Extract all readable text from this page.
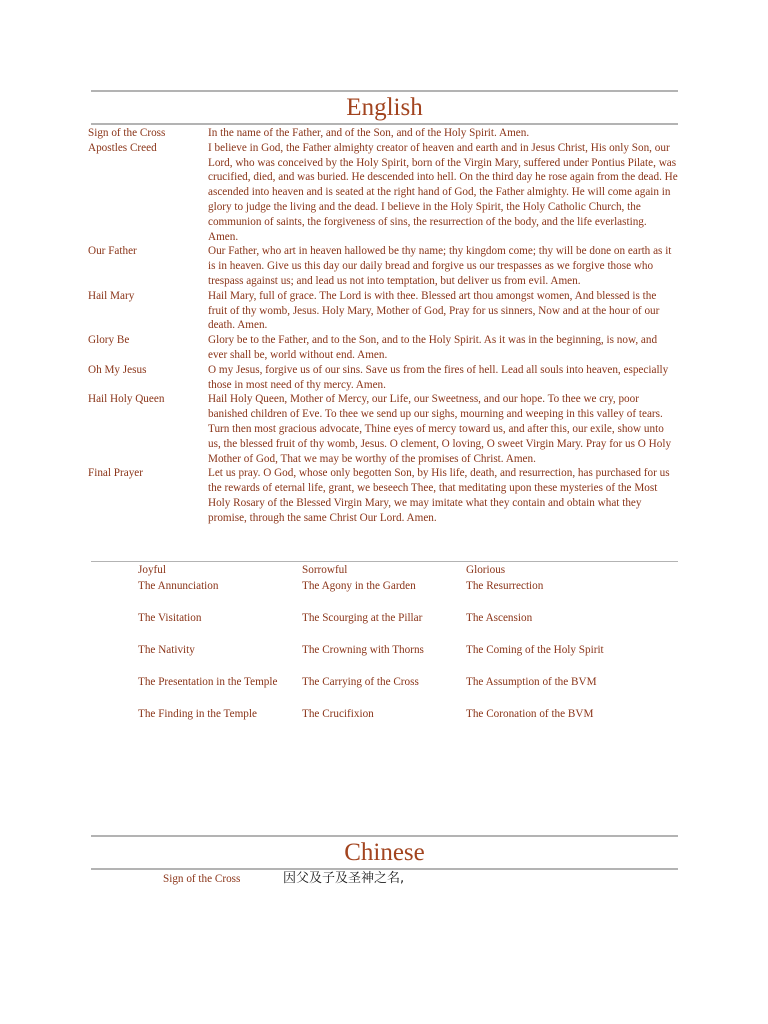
English
Sign of the Cross	In the name of the Father, and of the Son, and of the Holy Spirit. Amen.
Apostles Creed	I believe in God, the Father almighty creator of heaven and earth and in Jesus Christ, His only Son, our Lord, who was conceived by the Holy Spirit, born of the Virgin Mary, suffered under Pontius Pilate, was crucified, died, and was buried. He descended into hell. On the third day he rose again from the dead. He ascended into heaven and is seated at the right hand of God, the Father almighty. He will come again in glory to judge the living and the dead. I believe in the Holy Spirit, the Holy Catholic Church, the communion of saints, the forgiveness of sins, the resurrection of the body, and the life everlasting. Amen.
Our Father	Our Father, who art in heaven hallowed be thy name; thy kingdom come; thy will be done on earth as it is in heaven. Give us this day our daily bread and forgive us our trespasses as we forgive those who trespass against us; and lead us not into temptation, but deliver us from evil. Amen.
Hail Mary	Hail Mary, full of grace. The Lord is with thee. Blessed art thou amongst women, And blessed is the fruit of thy womb, Jesus. Holy Mary, Mother of God, Pray for us sinners, Now and at the hour of our death. Amen.
Glory Be	Glory be to the Father, and to the Son, and to the Holy Spirit. As it was in the beginning, is now, and ever shall be, world without end. Amen.
Oh My Jesus	O my Jesus, forgive us of our sins. Save us from the fires of hell. Lead all souls into heaven, especially those in most need of thy mercy. Amen.
Hail Holy Queen	Hail Holy Queen, Mother of Mercy, our Life, our Sweetness, and our hope. To thee we cry, poor banished children of Eve. To thee we send up our sighs, mourning and weeping in this valley of tears. Turn then most gracious advocate, Thine eyes of mercy toward us, and after this, our exile, show unto us, the blessed fruit of thy womb, Jesus. O clement, O loving, O sweet Virgin Mary. Pray for us O Holy Mother of God, That we may be worthy of the promises of Christ. Amen.
Final Prayer	Let us pray. O God, whose only begotten Son, by His life, death, and resurrection, has purchased for us the rewards of eternal life, grant, we beseech Thee, that meditating upon these mysteries of the Most Holy Rosary of the Blessed Virgin Mary, we may imitate what they contain and obtain what they promise, through the same Christ Our Lord. Amen.
Joyful	Sorrowful	Glorious
The Annunciation	The Agony in the Garden	The Resurrection
The Visitation	The Scourging at the Pillar	The Ascension
The Nativity	The Crowning with Thorns	The Coming of the Holy Spirit
The Presentation in the Temple	The Carrying of the Cross	The Assumption of the BVM
The Finding in the Temple	The Crucifixion	The Coronation of the BVM
Chinese
Sign of the Cross	因父及子及圣神之名,
